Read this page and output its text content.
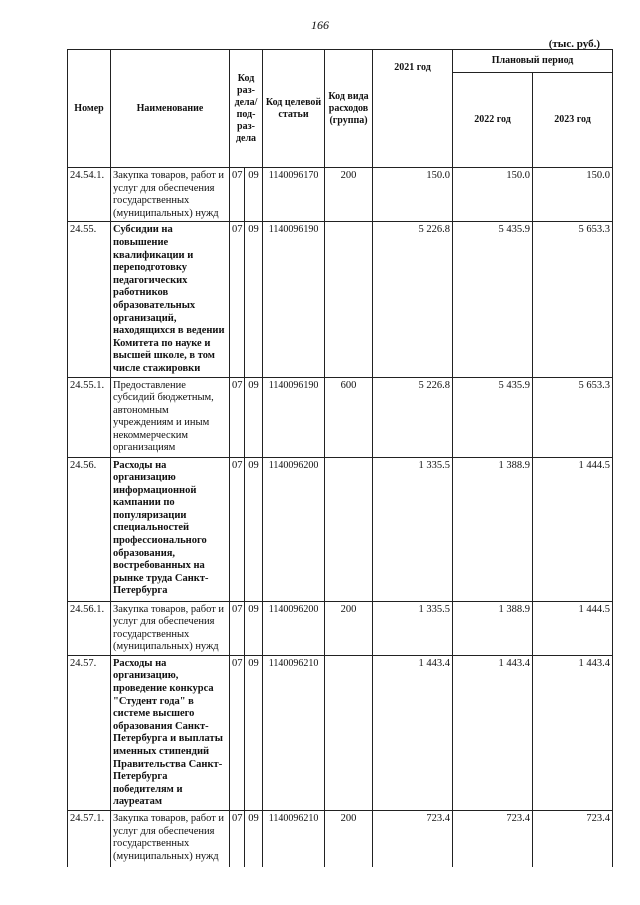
166
(тыс. руб.)
Номер	Наименование	Код раз-дела/ под-раз-дела		Код целевой статьи	Код вида расходов (группа)	2021 год	Плановый период	
							2022 год	2023 год
24.54.1.	Закупка товаров, работ и услуг для обеспечения государственных (муниципальных) нужд	07	09	1140096170	200	150.0	150.0	150.0
24.55.	Субсидии на повышение квалификации и переподготовку педагогических работников образовательных организаций, находящихся в ведении Комитета по науке и высшей школе, в том числе стажировки	07	09	1140096190		5 226.8	5 435.9	5 653.3
24.55.1.	Предоставление субсидий бюджетным, автономным учреждениям и иным некоммерческим организациям	07	09	1140096190	600	5 226.8	5 435.9	5 653.3
24.56.	Расходы на организацию информационной кампании по популяризации специальностей профессионального образования, востребованных на рынке труда Санкт-Петербурга	07	09	1140096200		1 335.5	1 388.9	1 444.5
24.56.1.	Закупка товаров, работ и услуг для обеспечения государственных (муниципальных) нужд	07	09	1140096200	200	1 335.5	1 388.9	1 444.5
24.57.	Расходы на организацию, проведение конкурса "Студент года" в системе высшего образования Санкт-Петербурга и выплаты именных стипендий Правительства Санкт-Петербурга победителям и лауреатам	07	09	1140096210		1 443.4	1 443.4	1 443.4
24.57.1.	Закупка товаров, работ и услуг для обеспечения государственных (муниципальных) нужд	07	09	1140096210	200	723.4	723.4	723.4
